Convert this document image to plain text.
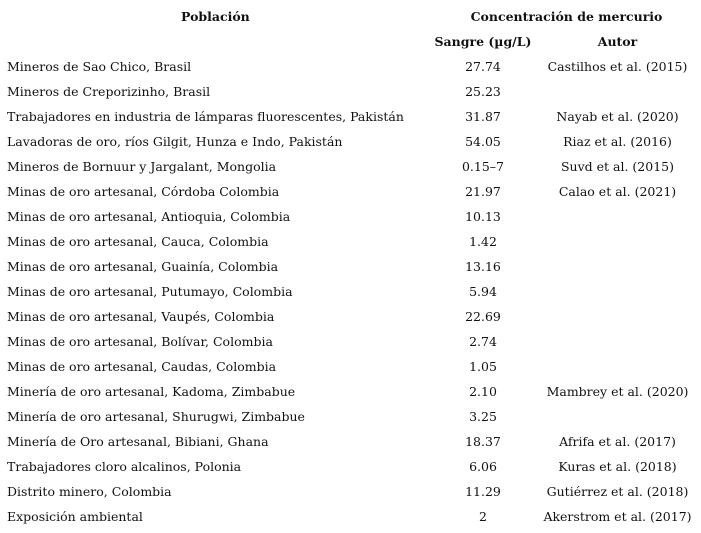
Población	Concentración de mercurio	
	Sangre (µg/L)	Autor
Mineros de Sao Chico, Brasil	27.74	Castilhos et al. (2015)
Mineros de Creporizinho, Brasil	25.23	
Trabajadores en industria de lámparas fluorescentes, Pakistán	31.87	Nayab et al. (2020)
Lavadoras de oro, ríos Gilgit, Hunza e Indo, Pakistán	54.05	Riaz et al. (2016)
Mineros de Bornuur y Jargalant, Mongolia	0.15–7	Suvd et al. (2015)
Minas de oro artesanal, Córdoba Colombia	21.97	Calao et al. (2021)
Minas de oro artesanal, Antioquia, Colombia	10.13	
Minas de oro artesanal, Cauca, Colombia	1.42	
Minas de oro artesanal, Guainía, Colombia	13.16	
Minas de oro artesanal, Putumayo, Colombia	5.94	
Minas de oro artesanal, Vaupés, Colombia	22.69	
Minas de oro artesanal, Bolívar, Colombia	2.74	
Minas de oro artesanal, Caudas, Colombia	1.05	
Minería de oro artesanal, Kadoma, Zimbabue	2.10	Mambrey et al. (2020)
Minería de oro artesanal, Shurugwi, Zimbabue	3.25	
Minería de Oro artesanal, Bibiani, Ghana	18.37	Afrifa et al. (2017)
Trabajadores cloro alcalinos, Polonia	6.06	Kuras et al. (2018)
Distrito minero, Colombia	11.29	Gutiérrez et al. (2018)
Exposición ambiental	2	Akerstrom et al. (2017)
